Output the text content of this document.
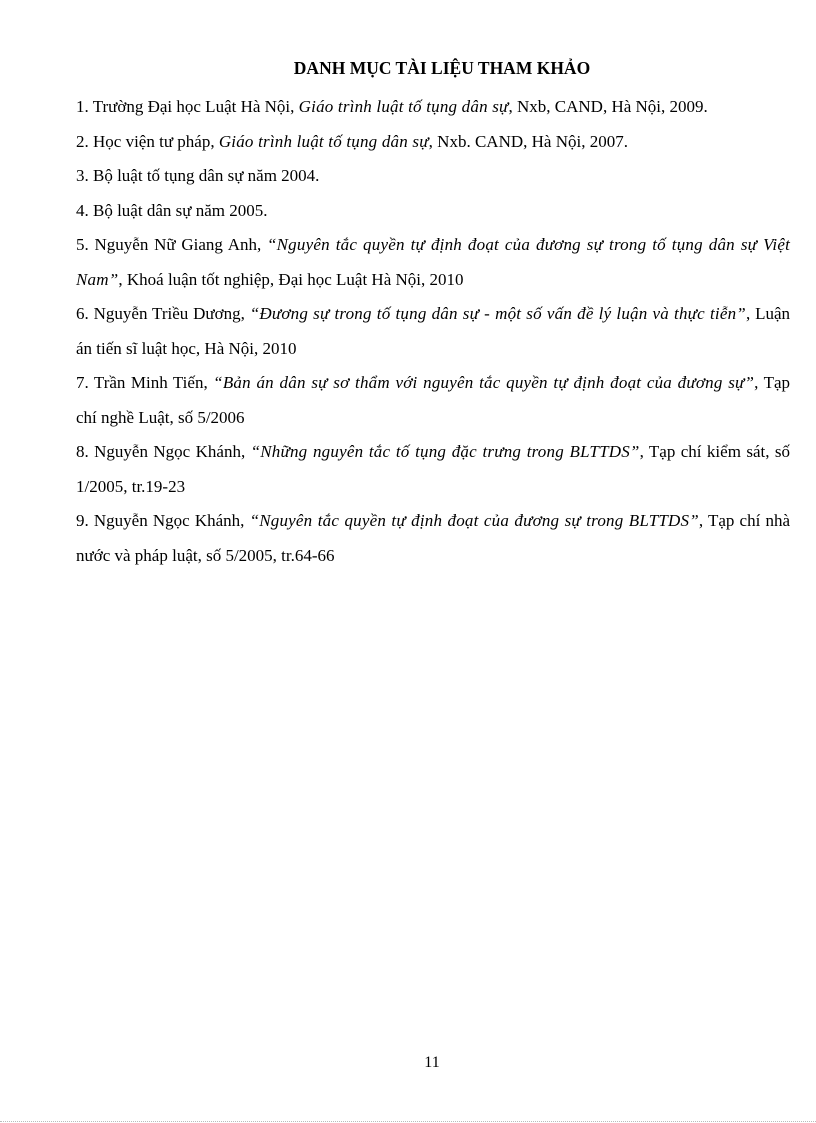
DANH MỤC TÀI LIỆU THAM KHẢO
1. Trường Đại học Luật Hà Nội, Giáo trình luật tố tụng dân sự, Nxb, CAND, Hà Nội, 2009.
2. Học viện tư pháp, Giáo trình luật tố tụng dân sự, Nxb. CAND, Hà Nội, 2007.
3. Bộ luật tố tụng dân sự năm 2004.
4. Bộ luật dân sự năm 2005.
5. Nguyễn Nữ Giang Anh, “Nguyên tắc quyền tự định đoạt của đương sự trong tố tụng dân sự Việt Nam”, Khoá luận tốt nghiệp, Đại học Luật Hà Nội, 2010
6. Nguyễn Triều Dương, “Đương sự trong tố tụng dân sự - một số vấn đề lý luận và thực tiễn”, Luận án tiến sĩ luật học, Hà Nội, 2010
7. Trần Minh Tiến, “Bản án dân sự sơ thẩm với nguyên tắc quyền tự định đoạt của đương sự”, Tạp chí nghề Luật, số 5/2006
8. Nguyễn Ngọc Khánh, “Những nguyên tắc tố tụng đặc trưng trong BLTTDS”, Tạp chí kiểm sát, số 1/2005, tr.19-23
9. Nguyễn Ngọc Khánh, “Nguyên tắc quyền tự định đoạt của đương sự trong BLTTDS”, Tạp chí nhà nước và pháp luật, số 5/2005, tr.64-66
11
